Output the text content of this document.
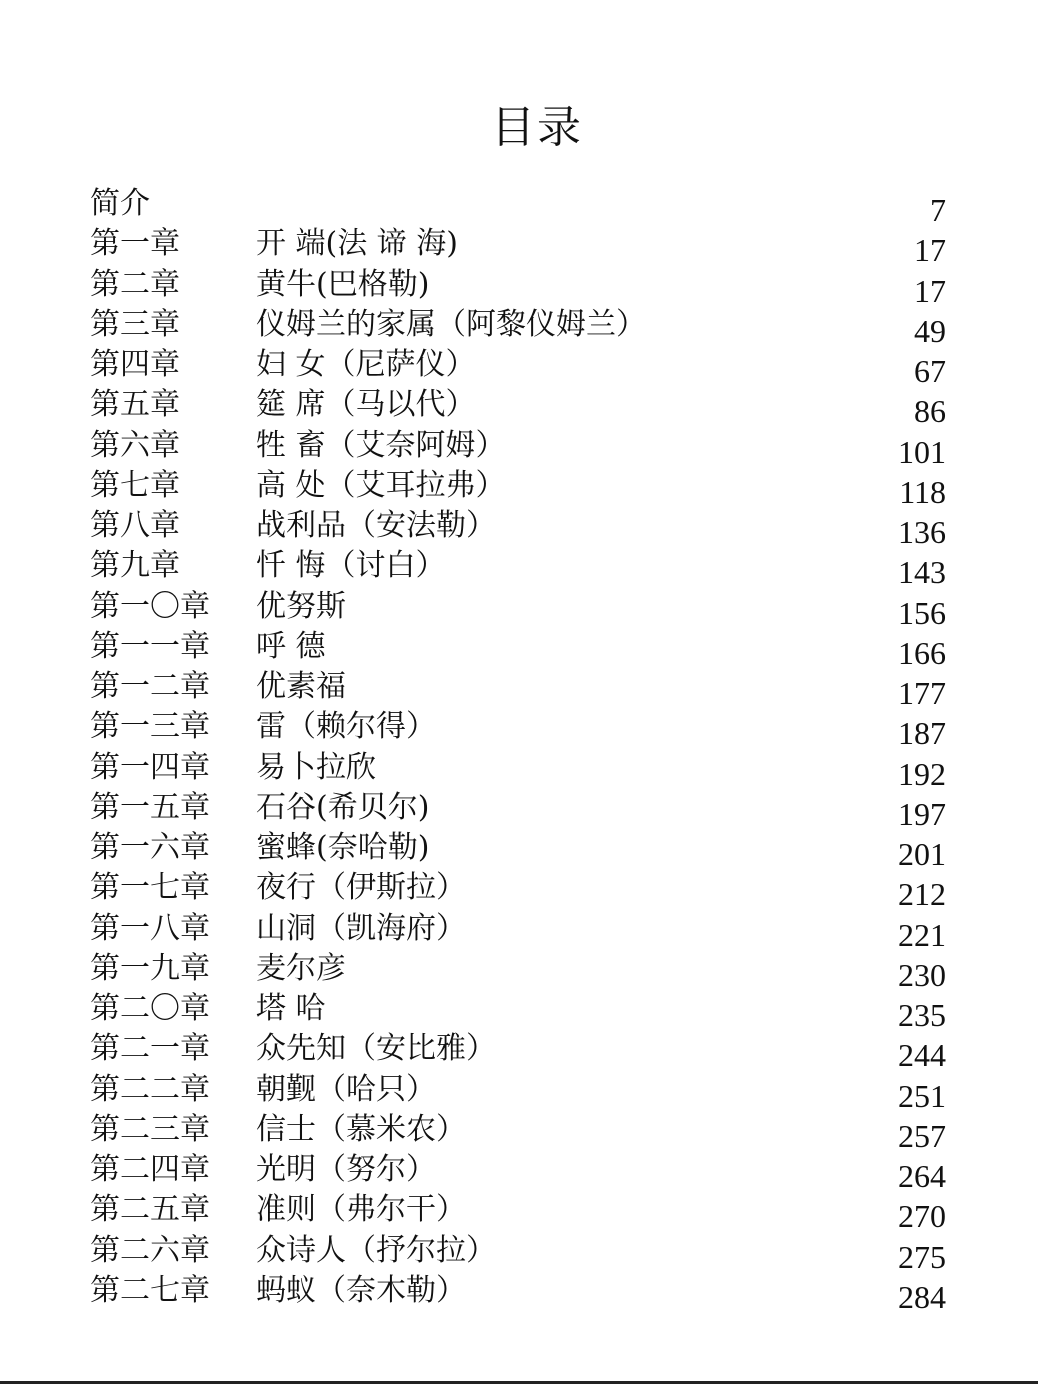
目录
简介	7
第一章	开 端(法 谛 海)	17
第二章	黄牛(巴格勒)	17
第三章	仪姆兰的家属（阿黎仪姆兰）	49
第四章	妇 女（尼萨仪）	67
第五章	筵 席（马以代）	86
第六章	牲 畜（艾奈阿姆）	101
第七章	高 处（艾耳拉弗）	118
第八章	战利品（安法勒）	136
第九章	忏 悔（讨白）	143
第一〇章 优努斯	156
第一一章 呼 德	166
第一二章 优素福	177
第一三章 雷（赖尔得）	187
第一四章 易卜拉欣	192
第一五章 石谷(希贝尔)	197
第一六章 蜜蜂(奈哈勒)	201
第一七章 夜行（伊斯拉）	212
第一八章 山洞（凯海府）	221
第一九章 麦尔彦	230
第二〇章 塔 哈	235
第二一章 众先知（安比雅）	244
第二二章 朝觐（哈只）	251
第二三章 信士（慕米农）	257
第二四章 光明（努尔）	264
第二五章 准则（弗尔干）	270
第二六章 众诗人（抒尔拉）	275
第二七章 蚂蚁（奈木勒）	284
